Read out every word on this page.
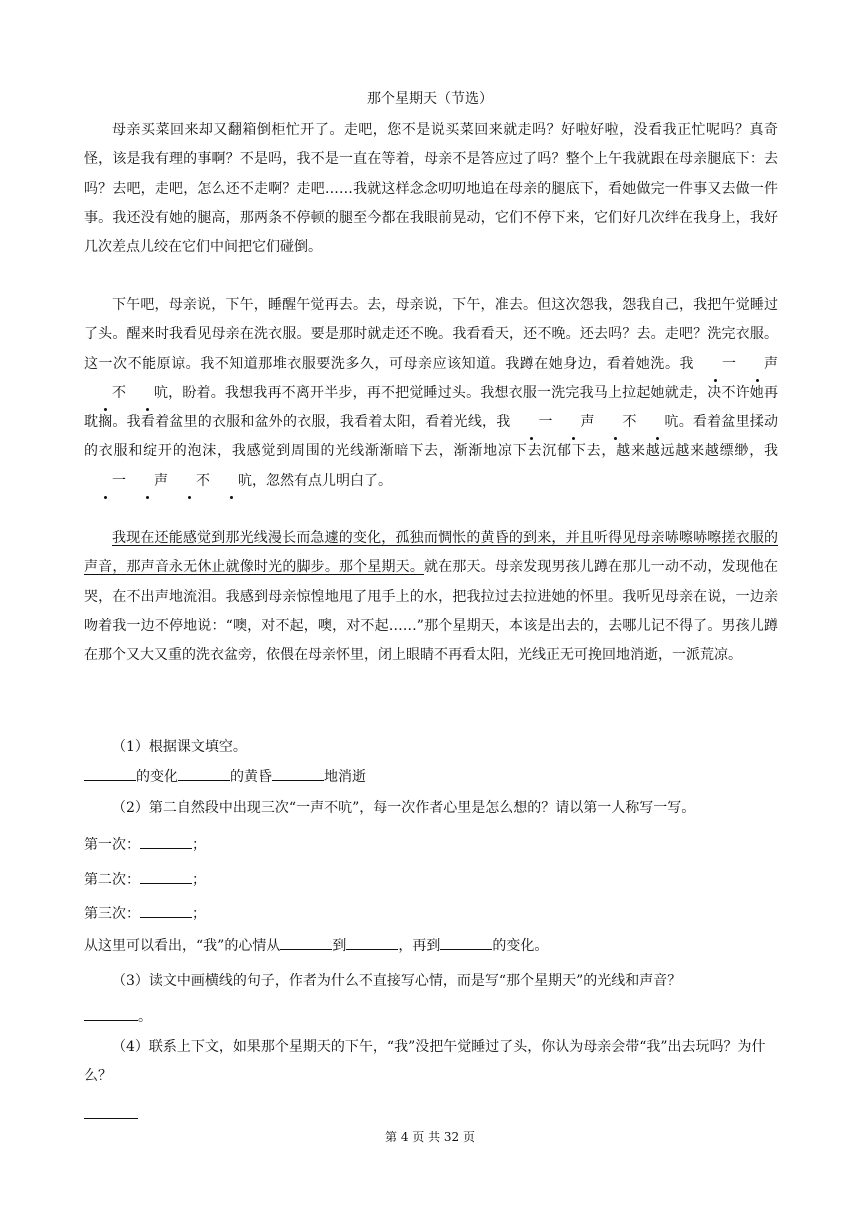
那个星期天（节选）

母亲买菜回来却又翻箱倒柜忙开了。走吧，您不是说买菜回来就走吗？好啦好啦，没看我正忙呢吗？真奇怪，该是我有理的事啊？不是吗，我不是一直在等着，母亲不是答应过了吗？整个上午我就跟在母亲腿底下：去吗？去吧，走吧，怎么还不走啊？走吧……我就这样念念叨叨地追在母亲的腿底下，看她做完一件事又去做一件事。我还没有她的腿高，那两条不停顿的腿至今都在我眼前晃动，它们不停下来，它们好几次绊在我身上，我好几次差点儿绞在它们中间把它们碰倒。

下午吧，母亲说，下午，睡醒午觉再去。去，母亲说，下午，准去。但这次怨我，怨我自己，我把午觉睡过了头。醒来时我看见母亲在洗衣服。要是那时就走还不晚。我看看天，还不晚。还去吗？去。走吧？洗完衣服。这一次不能原谅。我不知道那堆衣服要洗多久，可母亲应该知道。我蹲在她身边，看着她洗。我 一 声不 吭，盼着。我想我再不离开半步，再不把觉睡过头。我想衣服一洗完我马上拉起她就走，决不许她再耽搁。我看着盆里的衣服和盆外的衣服，我看着太阳，看着光线，我 一 声 不 吭。看着盆里揉动的衣服和绽开的泡沫，我感觉到周围的光线渐渐暗下去，渐渐地凉下去沉郁下去，越来越远越来越缥缈，我一 声 不 吭，忽然有点儿明白了。

我现在还能感觉到那光线漫长而急遽的变化，孤独而惆怅的黄昏的到来，并且听得见母亲哧嚓哧嚓搓衣服的声音，那声音永无休止就像时光的脚步。那个星期天。就在那天。母亲发现男孩儿蹲在那儿一动不动，发现他在哭，在不出声地流泪。我感到母亲惊惶地甩了甩手上的水，把我拉过去拉进她的怀里。我听见母亲在说，一边亲吻着我一边不停地说：“噢，对不起，噢，对不起……”那个星期天，本该是出去的，去哪儿记不得了。男孩儿蹲在那个又大又重的洗衣盆旁，依偎在母亲怀里，闭上眼睛不再看太阳，光线正无可挽回地消逝，一派荒凉。

（1）根据课文填空。
的变化	的黄昏	地消逝
（2）第二自然段中出现三次“一声不吭”，每一次作者心里是怎么想的？请以第一人称写一写。
第一次：	；
第二次：	；
第三次：	；
从这里可以看出，“我”的心情从	到	，再到	的变化。
（3）读文中画横线的句子，作者为什么不直接写心情，而是写“那个星期天”的光线和声音？
。
（4）联系上下文，如果那个星期天的下午，“我”没把午觉睡过了头，你认为母亲会带“我”出去玩吗？为什么？
第 4 页 共 32 页
